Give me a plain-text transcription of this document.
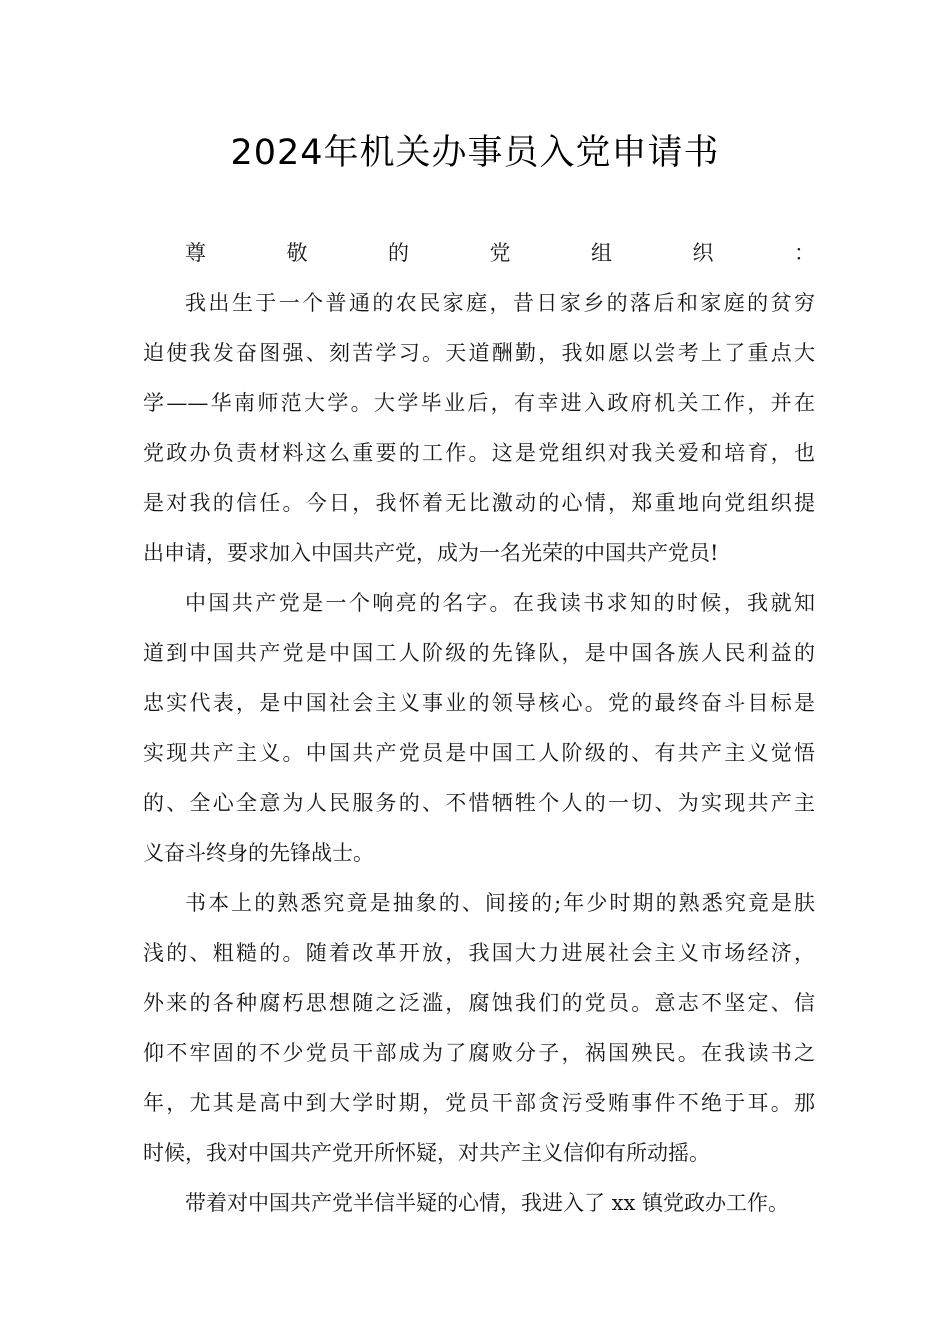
2024年机关办事员入党申请书
尊敬的党组织：
我出生于一个普通的农民家庭，昔日家乡的落后和家庭的贫穷
迫使我发奋图强、刻苦学习。天道酬勤，我如愿以尝考上了重点大
学——华南师范大学。大学毕业后，有幸进入政府机关工作，并在
党政办负责材料这么重要的工作。这是党组织对我关爱和培育，也
是对我的信任。今日，我怀着无比激动的心情，郑重地向党组织提
出申请，要求加入中国共产党，成为一名光荣的中国共产党员!
中国共产党是一个响亮的名字。在我读书求知的时候，我就知
道到中国共产党是中国工人阶级的先锋队，是中国各族人民利益的
忠实代表，是中国社会主义事业的领导核心。党的最终奋斗目标是
实现共产主义。中国共产党员是中国工人阶级的、有共产主义觉悟
的、全心全意为人民服务的、不惜牺牲个人的一切、为实现共产主
义奋斗终身的先锋战士。
书本上的熟悉究竟是抽象的、间接的;年少时期的熟悉究竟是肤
浅的、粗糙的。随着改革开放，我国大力进展社会主义市场经济，
外来的各种腐朽思想随之泛滥，腐蚀我们的党员。意志不坚定、信
仰不牢固的不少党员干部成为了腐败分子，祸国殃民。在我读书之
年，尤其是高中到大学时期，党员干部贪污受贿事件不绝于耳。那
时候，我对中国共产党开所怀疑，对共产主义信仰有所动摇。
带着对中国共产党半信半疑的心情，我进入了 xx 镇党政办工作。
